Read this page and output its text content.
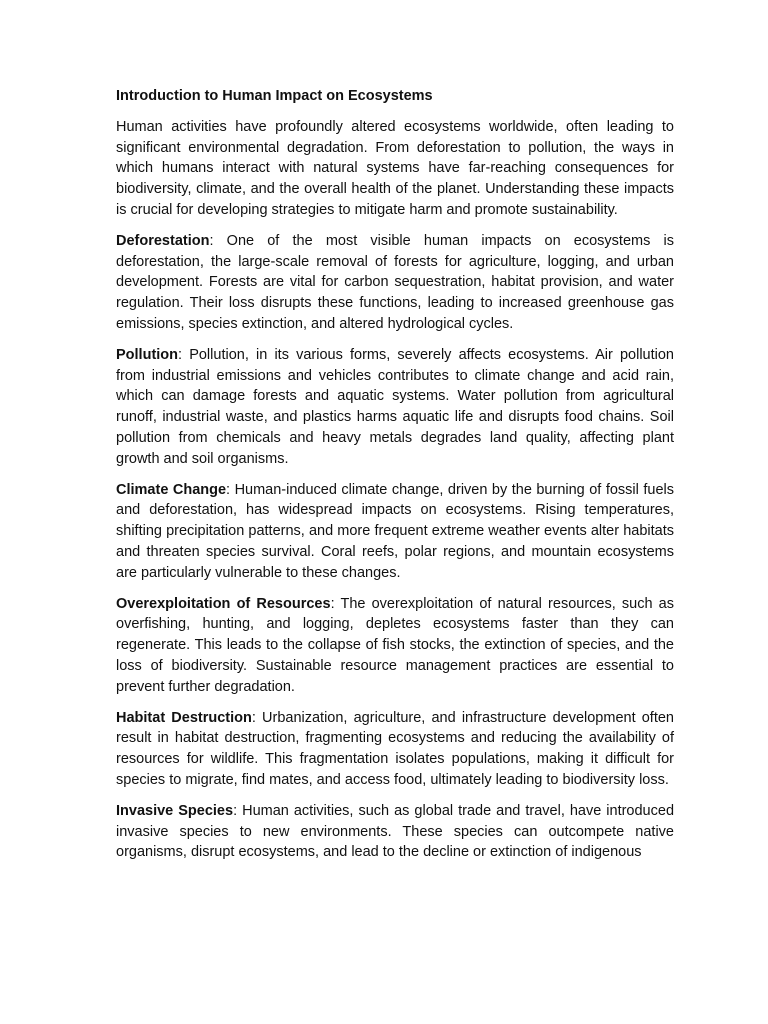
Introduction to Human Impact on Ecosystems

Human activities have profoundly altered ecosystems worldwide, often leading to significant environmental degradation. From deforestation to pollution, the ways in which humans interact with natural systems have far-reaching consequences for biodiversity, climate, and the overall health of the planet. Understanding these impacts is crucial for developing strategies to mitigate harm and promote sustainability.

Deforestation: One of the most visible human impacts on ecosystems is deforestation, the large-scale removal of forests for agriculture, logging, and urban development. Forests are vital for carbon sequestration, habitat provision, and water regulation. Their loss disrupts these functions, leading to increased greenhouse gas emissions, species extinction, and altered hydrological cycles.

Pollution: Pollution, in its various forms, severely affects ecosystems. Air pollution from industrial emissions and vehicles contributes to climate change and acid rain, which can damage forests and aquatic systems. Water pollution from agricultural runoff, industrial waste, and plastics harms aquatic life and disrupts food chains. Soil pollution from chemicals and heavy metals degrades land quality, affecting plant growth and soil organisms.

Climate Change: Human-induced climate change, driven by the burning of fossil fuels and deforestation, has widespread impacts on ecosystems. Rising temperatures, shifting precipitation patterns, and more frequent extreme weather events alter habitats and threaten species survival. Coral reefs, polar regions, and mountain ecosystems are particularly vulnerable to these changes.

Overexploitation of Resources: The overexploitation of natural resources, such as overfishing, hunting, and logging, depletes ecosystems faster than they can regenerate. This leads to the collapse of fish stocks, the extinction of species, and the loss of biodiversity. Sustainable resource management practices are essential to prevent further degradation.

Habitat Destruction: Urbanization, agriculture, and infrastructure development often result in habitat destruction, fragmenting ecosystems and reducing the availability of resources for wildlife. This fragmentation isolates populations, making it difficult for species to migrate, find mates, and access food, ultimately leading to biodiversity loss.

Invasive Species: Human activities, such as global trade and travel, have introduced invasive species to new environments. These species can outcompete native organisms, disrupt ecosystems, and lead to the decline or extinction of indigenous
